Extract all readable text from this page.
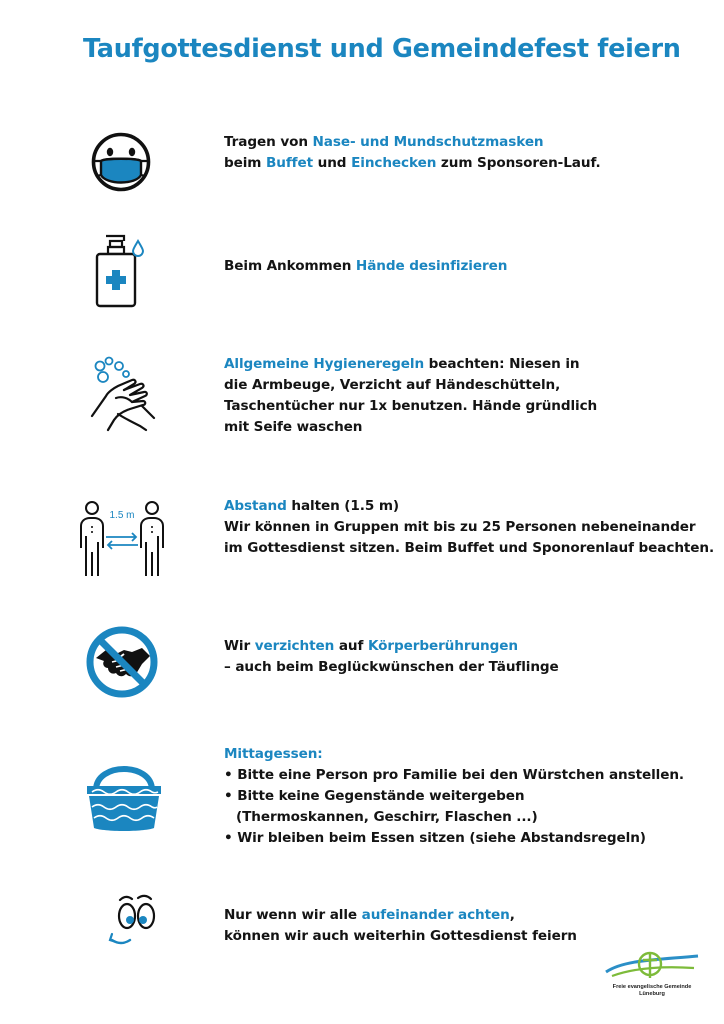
Taufgottesdienst und Gemeindefest feiern

Tragen von Nase- und Mundschutzmasken
beim Buffet und Einchecken zum Sponsoren-Lauf.

Beim Ankommen Hände desinfizieren

Allgemeine Hygieneregeln beachten: Niesen in
die Armbeuge, Verzicht auf Händeschütteln,
Taschentücher nur 1x benutzen. Hände gründlich
mit Seife waschen

1.5 m

Abstand halten (1.5 m)
Wir können in Gruppen mit bis zu 25 Personen nebeneinander
im Gottesdienst sitzen. Beim Buffet und Sponorenlauf beachten.

Wir verzichten auf Körperberührungen
– auch beim Beglückwünschen der Täuflinge

Mittagessen:
• Bitte eine Person pro Familie bei den Würstchen anstellen.
• Bitte keine Gegenstände weitergeben (Thermoskannen, Geschirr, Flaschen ...)
• Wir bleiben beim Essen sitzen (siehe Abstandsregeln)

Nur wenn wir alle aufeinander achten,
können wir auch weiterhin Gottesdienst feiern

Freie evangelische Gemeinde
Lüneburg
